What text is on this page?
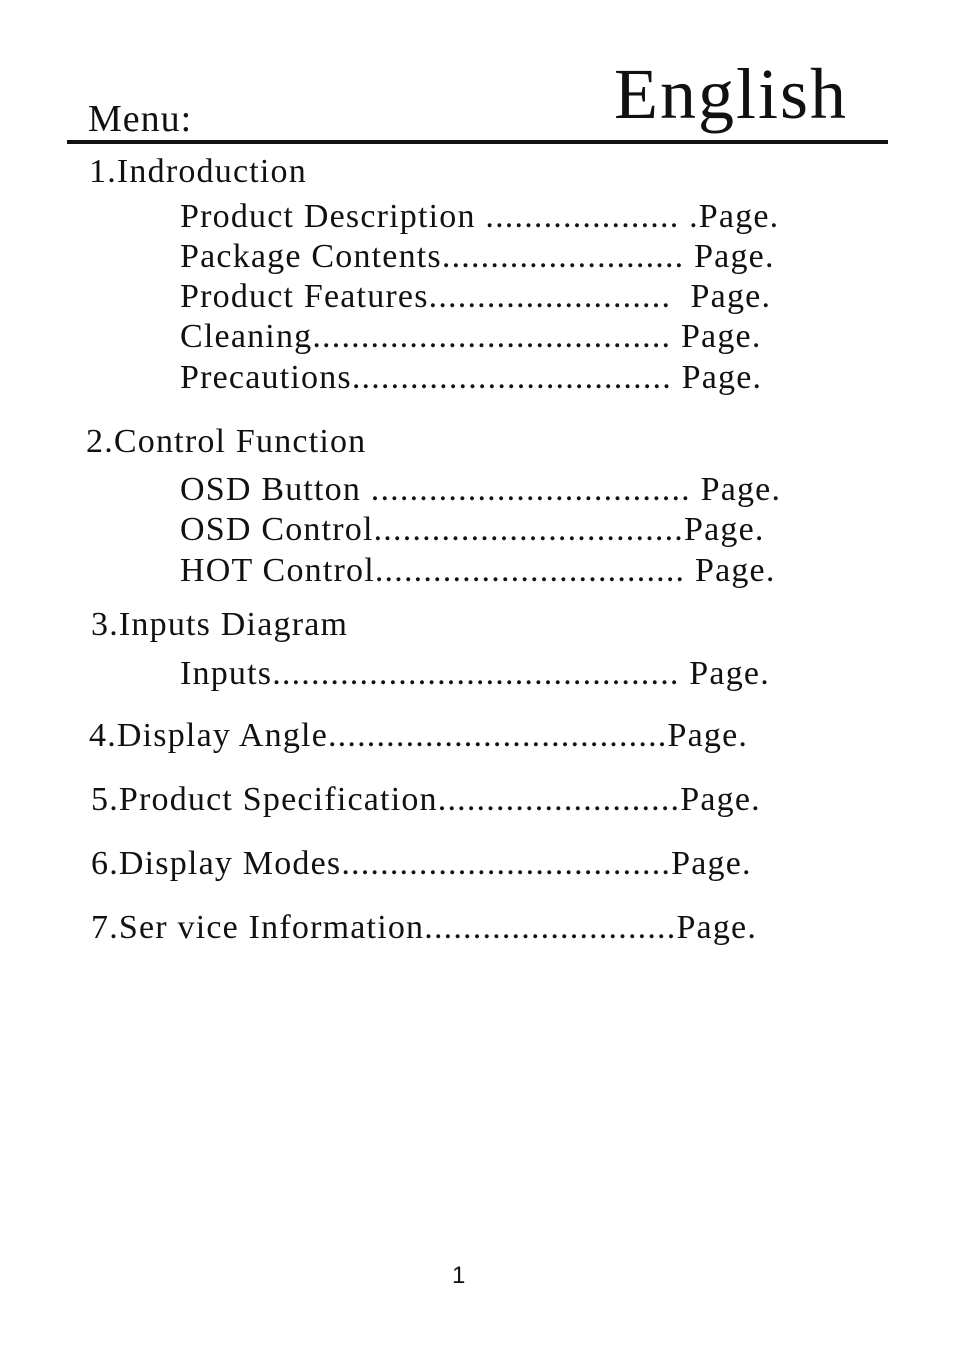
English
Menu:
1.Indroduction
Product Description .................... .Page.
Package Contents......................... Page.
Product Features.........................  Page.
Cleaning..................................... Page.
Precautions................................. Page.
2.Control Function
OSD Button ................................. Page.
OSD Control................................Page.
HOT Control................................ Page.
3.Inputs Diagram
Inputs.......................................... Page.
4.Display Angle...................................Page.
5.Product Specification.........................Page.
6.Display Modes..................................Page.
7.Ser vice Information..........................Page.
1
